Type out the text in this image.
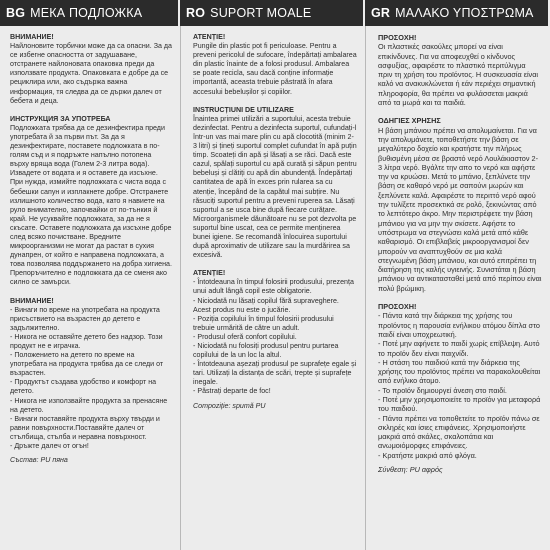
BG МЕКА ПОДЛОЖКА
ВНИМАНИЕ!

Найлоновите торбички може да са опасни. За да се избегне опасността от задушаване, отстранете найлоновата опаковка преди да използвате продукта. Опаковката е добре да се рециклира или, ако съдържа важна информация, тя следва да се държи далеч от бебета и деца.

ИНСТРУКЦИЯ ЗА УПОТРЕБА

Подложката трябва да се дезинфектира преди употребата й за първи път. За да я дезинфектирате, поставете подложката в по-голям съд и я подръжте напълно потопена върху вряща вода (Голем 2-3 литра вода). Извадете от водата и я оставете да изсъхне. При нужда, измийте подложката с чиста вода с бебешки сапун и изплакнете добре. Отстранете излишното количество вода, като я навиете на руло внимателно, започвайки от по-тънкия й край. Не усуквайте подложката, за да не я скъсате. Оставете подложката да изсъхне добре след всяко почистване. Вредните микроорганизми не могат да растат в сухия дунапрен, от който е направена подложката, а това позволява поддържането на добра хигиена. Препоръчително е подложката да се сменя ако силно се замърси.

ВНИМАНИЕ!
- Винаги по време на употребата на продукта присъствието на възрастен до детето е задължително.
- Никога не оставяйте детето без надзор. Този продукт не е играчка.
- Положението на детето по време на употребата на продукта трябва да се следи от възрастен.
- Продуктът създава удобство и комфорт на детето.
- Никога не използвайте продукта за пренасяне на детето.
- Винаги поставяйте продукта върху твърди и равни повърхности.Поставяйте далеч от стълбища, стълба и неравна повърхност.
- Дръжте далеч от огън!
Състав: PU пяна
RO SUPORT MOALE
ATENȚIE!

Pungile din plastic pot fi periculoase. Pentru a preveni pericolul de sufocare, îndepărtați ambalarea din plastic înainte de a folosi produsul. Ambalarea se poate recicla, sau dacă conține informație importantă, aceasta trebuie păstrată în afara accesului bebelușilor și copiilor.

INSTRUCȚIUNI DE UTILIZARE

Înaintea primei utilizări a suportului, acesta trebuie dezinfectat. Pentru a dezinfecta suportul, cufundați-l într-un vas mai mare plin cu apă clocotită (minim 2-3 litri) și țineți suportul complet cufundat în apă puțin timp. Scoateți din apă și lăsați a se răci. Dacă este cazul, spălați suportul cu apă curată și săpun pentru bebeluși și clătiți cu apă din abundență. Îndepărtați cantitatea de apă în exces prin rularea sa cu atenție, începând de la capătul mai subțire. Nu răsuciți suportul pentru a preveni ruperea sa. Lăsați suportul a se usca bine după fiecare curățare. Microorganismele dăunătoare nu se pot dezvolta pe suportul bine uscat, cea ce permite menținerea bunei igiene. Se recomandă înlocuirea suportului după aproximativ de utilizare sau la murdărirea sa excesivă.

ATENȚIE!
- Întotdeauna în timpul folosirii produsului, prezența unui adult lângă copil este obligatorie.
- Niciodată nu lăsați copilul fără supraveghere. Acest produs nu este o jucărie.
- Poziția copilului în timpul folosirii produsului trebuie urmărită de către un adult.
- Produsul oferă confort copilului.
- Niciodată nu folosiți produsul pentru purtarea copilului de la un loc la altul.
- Întotdeauna așezați produsul pe suprafețe egale și tari. Utilizați la distanța de scări, trepte și suprafețe inegale.
- Păstrați departe de foc!
Compoziție: spumă PU
GR ΜΑΛΑΚΟ ΥΠΟΣΤΡΩΜΑ
ΠΡΟΣΟΧΗ!

Οι πλαστικές σακούλες μπορεί να είναι επικίνδυνες. Για να αποφευχθεί ο κίνδυνος ασφυξίας, αφαιρέστε το πλαστικό περιτύλιγμα πριν τη χρήση του προϊόντος. Η συσκευασία είναι καλό να ανακυκλώνεται ή εάν περιέχει σημαντική πληροφορία, θα πρέπει να φυλάσσεται μακριά από τα μωρά και τα παιδιά.

ΟΔΗΓΙΕΣ ΧΡΗΣΗΣ

Η βάση μπάνιου πρέπει να απολυμαίνεται. Για να την απολυμάνετε, τοποθετήστε την βάση σε μεγαλύτερο δοχείο και κρατήστε την πλήρως βυθισμένη μέσα σε βραστό νερό Λουλάκιαστον 2-3 λίτρα νερό. Βγάλτε την απο το νερό και αφήστε την να κρυώσει. Μετά το μπάνιο, ξεπλύνετε την βάση σε καθαρό νερό με σαπούνι μωρών και ξεπλύνετε καλά. Αφαιρέστε το περιττό νερό αφού την τυλίξετε προσεκτικά σε ρολό, ξεκινώντας από το λεπτότερο άκρο. Μην περιστρέφετε την βάση μπάνιου για να μην την σκίσετε. Αφήστε το υπόστρωμα να στεγνώσει καλά μετά από κάθε καθαρισμό. Οι επιβλαβείς μικροοργανισμοί δεν μπορούν να αναπτυχθούν σε μια καλά στεγνωμένη βάση μπάνιου, και αυτό επιτρέπει τη διατήρηση της καλής υγιεινής. Συνιστάται η βάση μπάνιου να αντικατασταθεί μετά από περίπου είναι πολύ βρώμικη.

ΠΡΟΣΟΧΗ!
- Πάντα κατά την διάρκεια της χρήσης του προϊόντος η παρουσία ενήλικου ατόμου δίπλα στο παιδί είναι υποχρεωτική.
- Ποτέ μην αφήνετε το παιδί χωρίς επίβλεψη. Αυτό το προϊόν δεν είναι παιχνίδι.
- Η στάση του παιδιού κατά την διάρκεια της χρήσης του προϊόντος πρέπει να παρακολουθείται από ενήλικο άτομο.
- Το προϊόν δημιουργεί άνεση στο παιδί.
- Ποτέ μην χρησιμοποιείτε το προϊόν για μεταφορά του παιδιού.
- Πάντα πρέπει να τοποθετείτε το προϊόν πάνω σε σκληρές και ίσιες επιφάνειες. Χρησιμοποιήστε μακριά από σκάλες, σκαλοπάτια και ανωμοιόμορφες επιφάνειες.
- Κρατήστε μακριά από φλόγα.
Σύνθεση: PU αφρός
